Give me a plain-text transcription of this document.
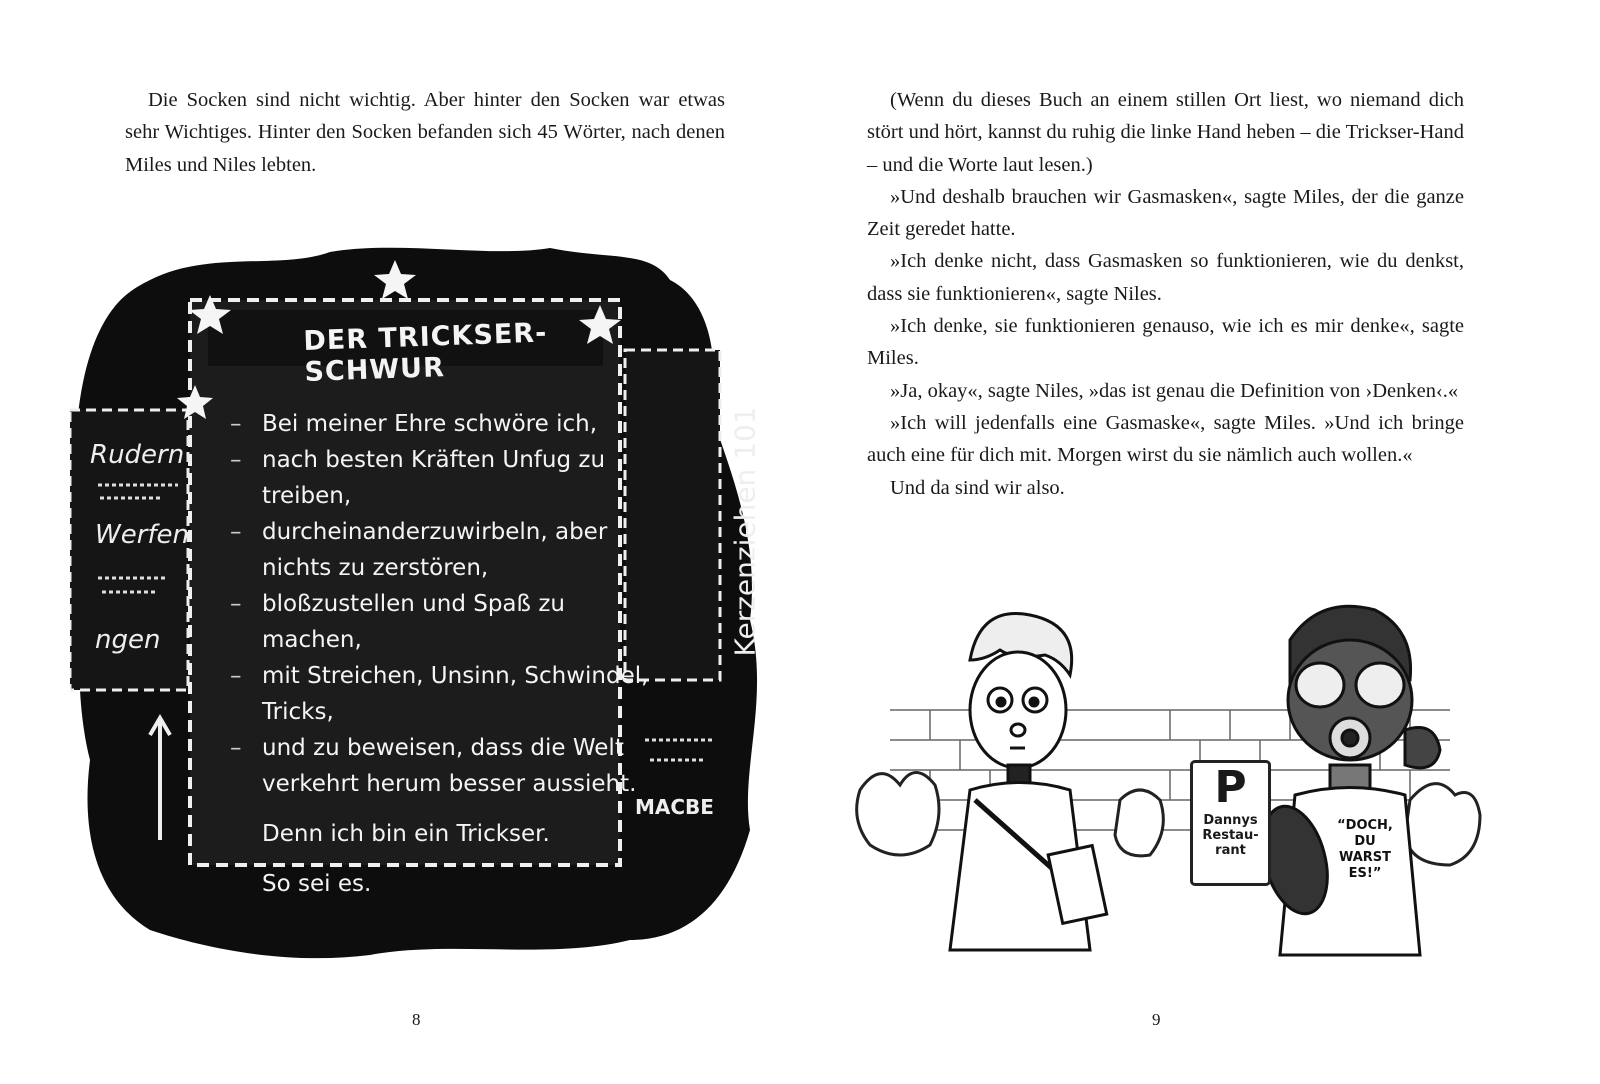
Die Socken sind nicht wichtig. Aber hinter den Socken war etwas sehr Wichtiges. Hinter den Socken befanden sich 45 Wörter, nach denen Miles und Niles lebten.

Rudern
Werfen
ngen	Kerzenziehen 101
MACBE
DER TRICKSER-SCHWUR
– Bei meiner Ehre schwöre ich,
– nach besten Kräften Unfug zu treiben,
– durcheinanderzuwirbeln, aber nichts zu zerstören,
– bloßzustellen und Spaß zu machen,
– mit Streichen, Unsinn, Schwindel, Tricks,
– und zu beweisen, dass die Welt verkehrt herum besser aussieht.
Denn ich bin ein Trickser.
So sei es.
8

(Wenn du dieses Buch an einem stillen Ort liest, wo niemand dich stört und hört, kannst du ruhig die linke Hand heben – die Trickser-Hand – und die Worte laut lesen.)

»Und deshalb brauchen wir Gasmasken«, sagte Miles, der die ganze Zeit geredet hatte.

»Ich denke nicht, dass Gasmasken so funktionieren, wie du denkst, dass sie funktionieren«, sagte Niles.

»Ich denke, sie funktionieren genauso, wie ich es mir denke«, sagte Miles.

»Ja, okay«, sagte Niles, »das ist genau die Definition von ›Denken‹.«

»Ich will jedenfalls eine Gasmaske«, sagte Miles. »Und ich bringe auch eine für dich mit. Morgen wirst du sie nämlich auch wollen.«

Und da sind wir also.

9
P
Dannys Restau- rant
“DOCH, DU WARST ES!”
